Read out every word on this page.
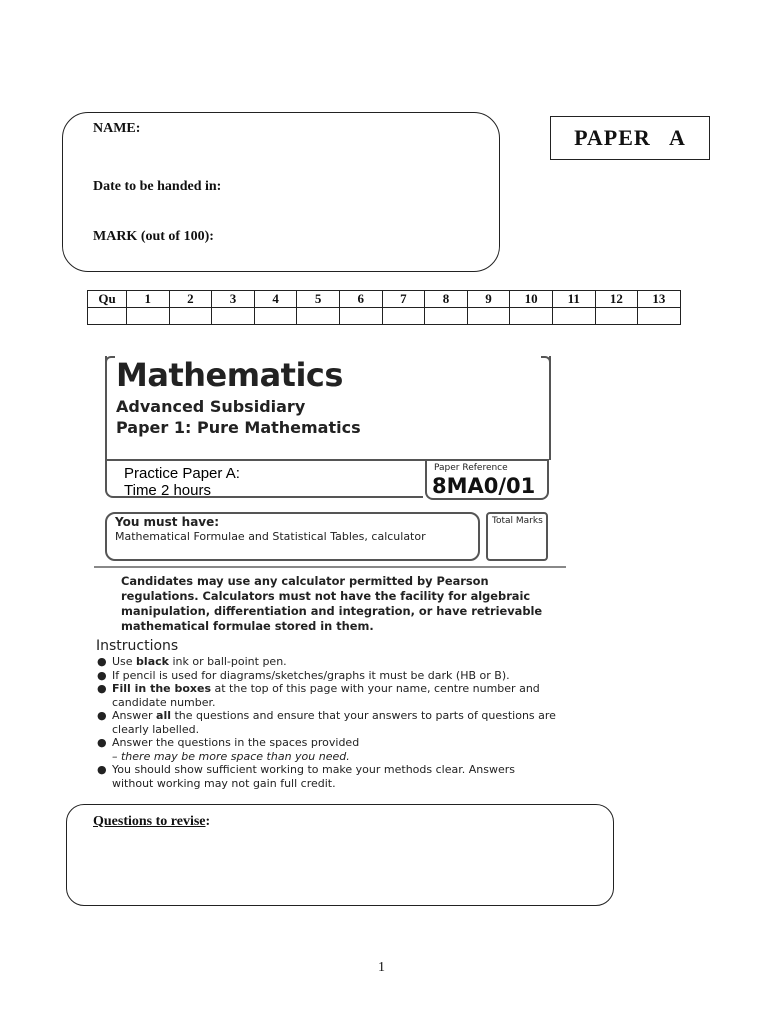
NAME:
Date to be handed in:
MARK (out of 100):
PAPER   A
Qu	1	2	3	4	5	6	7	8	9	10	11	12	13

Mathematics
Advanced Subsidiary
Paper 1: Pure Mathematics
Practice Paper A:
Time 2 hours
Paper Reference
8MA0/01
You must have:
Mathematical Formulae and Statistical Tables, calculator
Total Marks
Candidates may use any calculator permitted by Pearson regulations. Calculators must not have the facility for algebraic manipulation, differentiation and integration, or have retrievable mathematical formulae stored in them.
Instructions
● Use black ink or ball-point pen.
● If pencil is used for diagrams/sketches/graphs it must be dark (HB or B).
● Fill in the boxes at the top of this page with your name, centre number and candidate number.
● Answer all the questions and ensure that your answers to parts of questions are clearly labelled.
● Answer the questions in the spaces provided
– there may be more space than you need.
● You should show sufficient working to make your methods clear. Answers without working may not gain full credit.
Questions to revise:
1
